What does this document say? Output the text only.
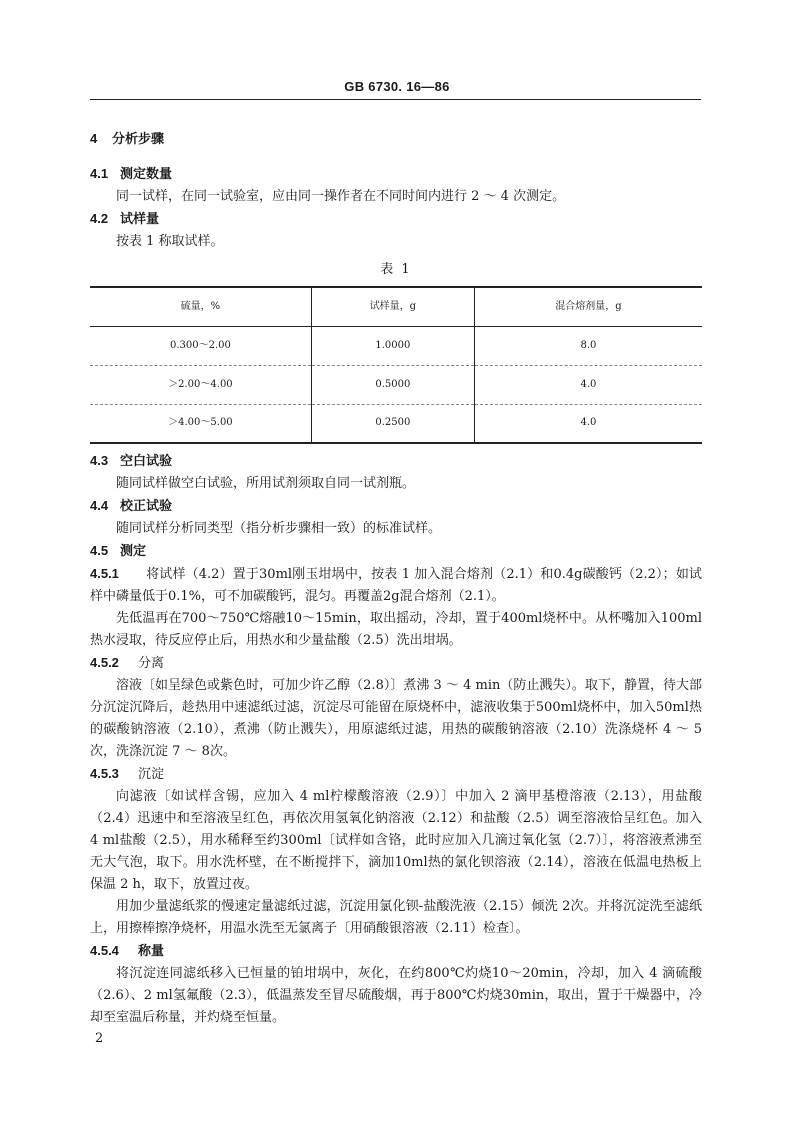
GB 6730. 16—86
4 分析步骤
4.1 测定数量

同一试样，在同一试验室，应由同一操作者在不同时间内进行 2 ～ 4 次测定。

4.2 试样量

按表 1 称取试样。

表 1
硫量，%	试样量，g	混合熔剂量，g
0.300～2.00	1.0000	8.0
＞2.00～4.00	0.5000	4.0
＞4.00～5.00	0.2500	4.0
4.3 空白试验

随同试样做空白试验，所用试剂须取自同一试剂瓶。

4.4 校正试验

随同试样分析同类型（指分析步骤相一致）的标准试样。

4.5 测定

4.5.1 将试样（4.2）置于30ml刚玉坩埚中，按表 1 加入混合熔剂（2.1）和0.4g碳酸钙（2.2）；如试样中磷量低于0.1%，可不加碳酸钙，混匀。再覆盖2g混合熔剂（2.1）。

先低温再在700～750℃熔融10～15min，取出摇动，冷却，置于400ml烧杯中。从杯嘴加入100ml热水浸取，待反应停止后，用热水和少量盐酸（2.5）洗出坩埚。

4.5.2 分离

溶液〔如呈绿色或紫色时，可加少许乙醇（2.8）〕煮沸 3 ～ 4 min（防止溅失）。取下，静置，待大部分沉淀沉降后，趁热用中速滤纸过滤，沉淀尽可能留在原烧杯中，滤液收集于500ml烧杯中，加入50ml热的碳酸钠溶液（2.10），煮沸（防止溅失），用原滤纸过滤，用热的碳酸钠溶液（2.10）洗涤烧杯 4 ～ 5次，洗涤沉淀 7 ～ 8次。

4.5.3 沉淀

向滤液〔如试样含锡，应加入 4 ml柠檬酸溶液（2.9）〕中加入 2 滴甲基橙溶液（2.13），用盐酸（2.4）迅速中和至溶液呈红色，再依次用氢氧化钠溶液（2.12）和盐酸（2.5）调至溶液恰呈红色。加入 4 ml盐酸（2.5），用水稀释至约300ml〔试样如含铬，此时应加入几滴过氧化氢（2.7）〕，将溶液煮沸至无大气泡，取下。用水洗杯壁，在不断搅拌下，滴加10ml热的氯化钡溶液（2.14），溶液在低温电热板上保温 2 h，取下，放置过夜。

用加少量滤纸浆的慢速定量滤纸过滤，沉淀用氯化钡-盐酸洗液（2.15）倾洗 2次。并将沉淀洗至滤纸上，用擦棒擦净烧杯，用温水洗至无氯离子〔用硝酸银溶液（2.11）检查〕。

4.5.4 称量

将沉淀连同滤纸移入已恒量的铂坩埚中，灰化，在约800℃灼烧10～20min，冷却，加入 4 滴硫酸（2.6）、2 ml氢氟酸（2.3），低温蒸发至冒尽硫酸烟，再于800℃灼烧30min，取出，置于干燥器中，冷却至室温后称量，并灼烧至恒量。

2
